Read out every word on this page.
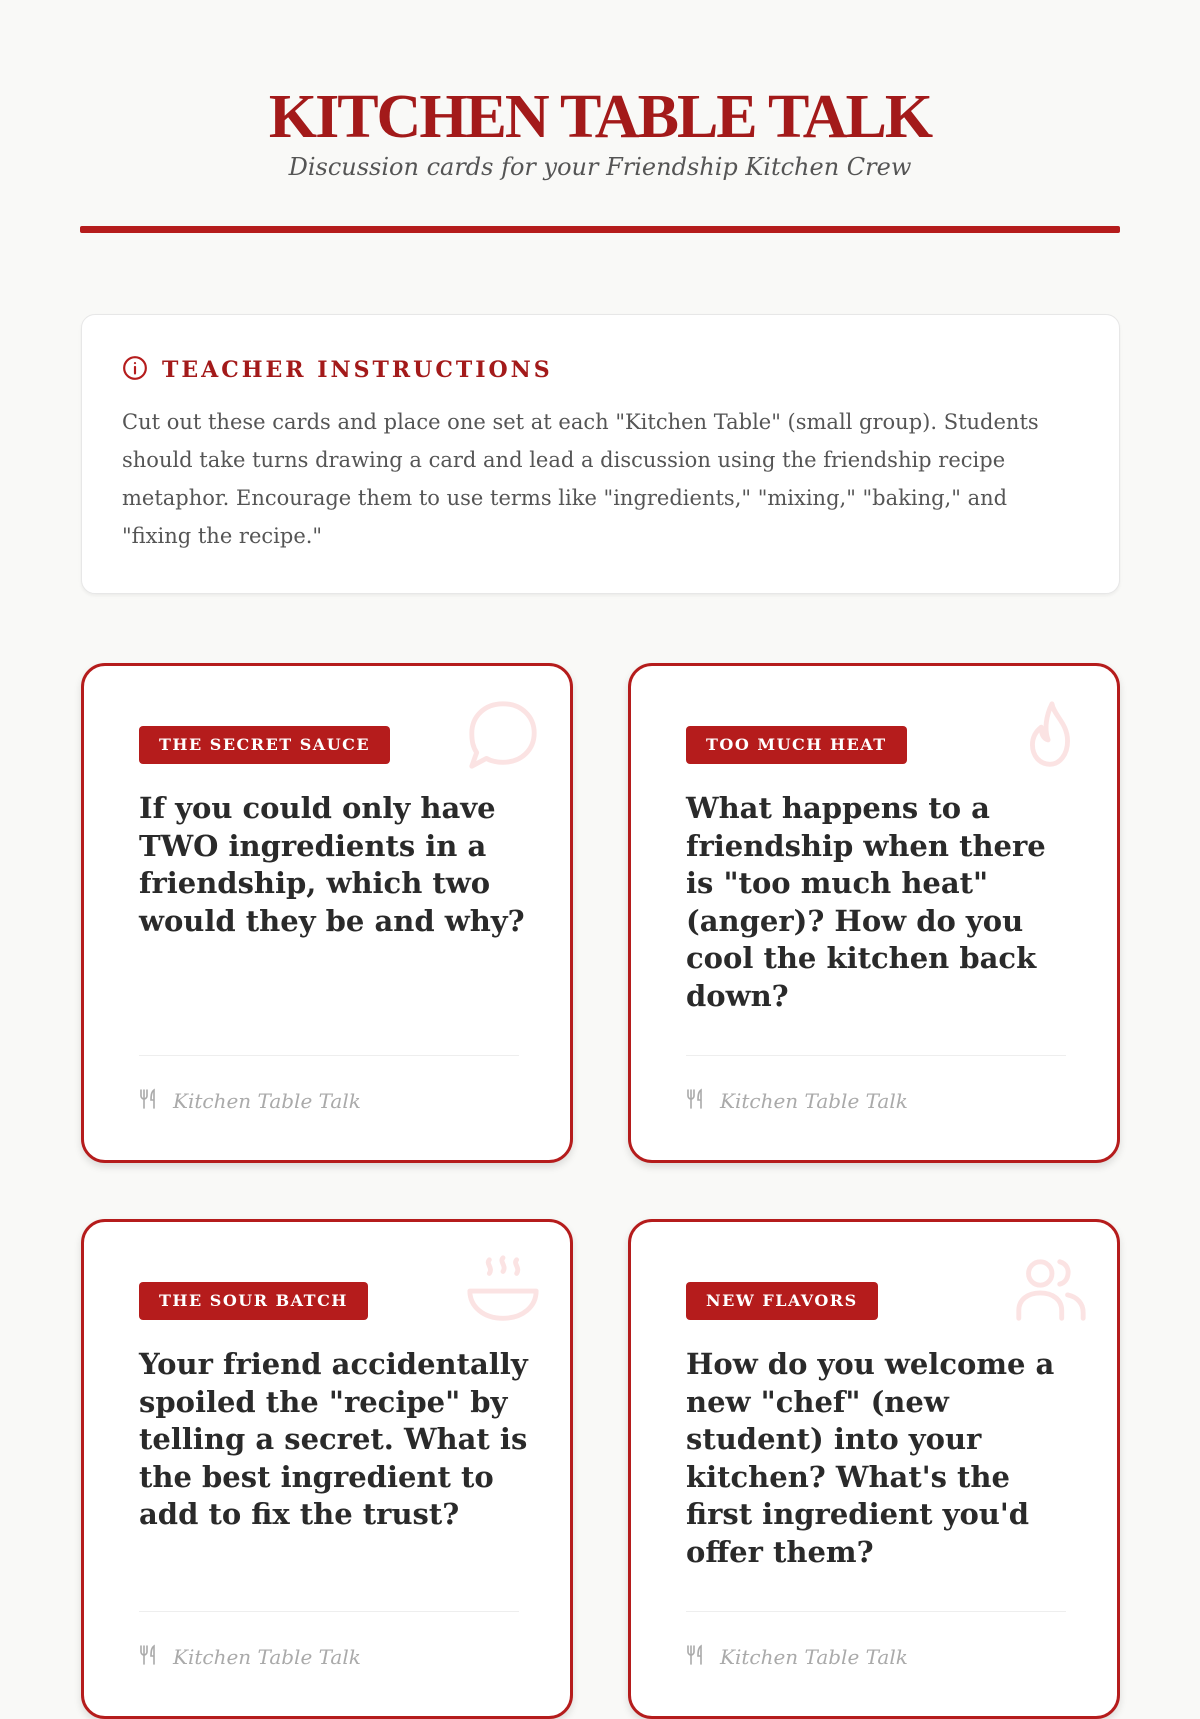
KITCHEN TABLE TALK
Discussion cards for your Friendship Kitchen Crew
TEACHER INSTRUCTIONS

Cut out these cards and place one set at each "Kitchen Table" (small group). Students should take turns drawing a card and lead a discussion using the friendship recipe metaphor. Encourage them to use terms like "ingredients," "mixing," "baking," and "fixing the recipe."

THE SECRET SAUCE
If you could only have TWO ingredients in a friendship, which two would they be and why?
Kitchen Table Talk
TOO MUCH HEAT
What happens to a friendship when there is "too much heat" (anger)? How do you cool the kitchen back down?
Kitchen Table Talk
THE SOUR BATCH
Your friend accidentally spoiled the "recipe" by telling a secret. What is the best ingredient to add to fix the trust?
Kitchen Table Talk
NEW FLAVORS
How do you welcome a new "chef" (new student) into your kitchen? What's the first ingredient you'd offer them?
Kitchen Table Talk
